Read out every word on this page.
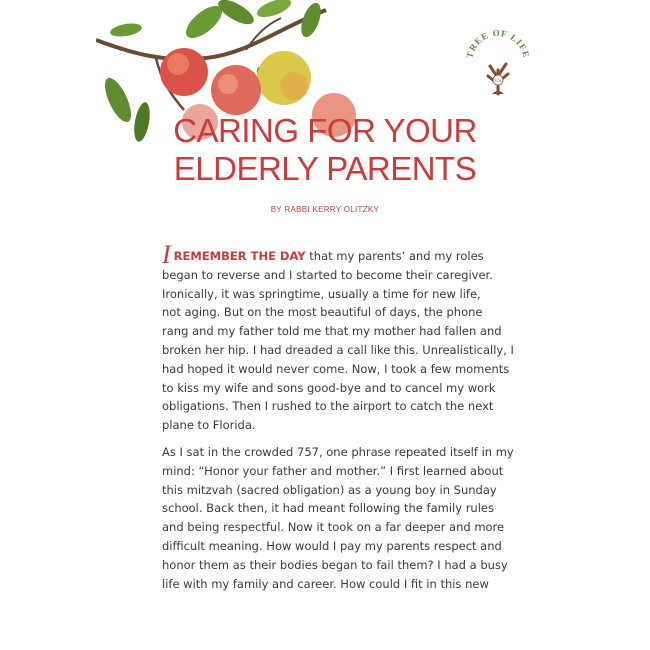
TREE OF LIFE
TOL
CARING FOR YOUR
ELDERLY PARENTS
BY RABBI KERRY OLITZKY

IREMEMBER THE DAY that my parents’ and my roles
began to reverse and I started to become their caregiver.
Ironically, it was springtime, usually a time for new life,
not aging. But on the most beautiful of days, the phone
rang and my father told me that my mother had fallen and
broken her hip. I had dreaded a call like this. Unrealistically, I
had hoped it would never come. Now, I took a few moments
to kiss my wife and sons good-bye and to cancel my work
obligations. Then I rushed to the airport to catch the next
plane to Florida.

As I sat in the crowded 757, one phrase repeated itself in my
mind: “Honor your father and mother.” I first learned about
this mitzvah (sacred obligation) as a young boy in Sunday
school. Back then, it had meant following the family rules
and being respectful. Now it took on a far deeper and more
difficult meaning. How would I pay my parents respect and
honor them as their bodies began to fail them? I had a busy
life with my family and career. How could I fit in this new
